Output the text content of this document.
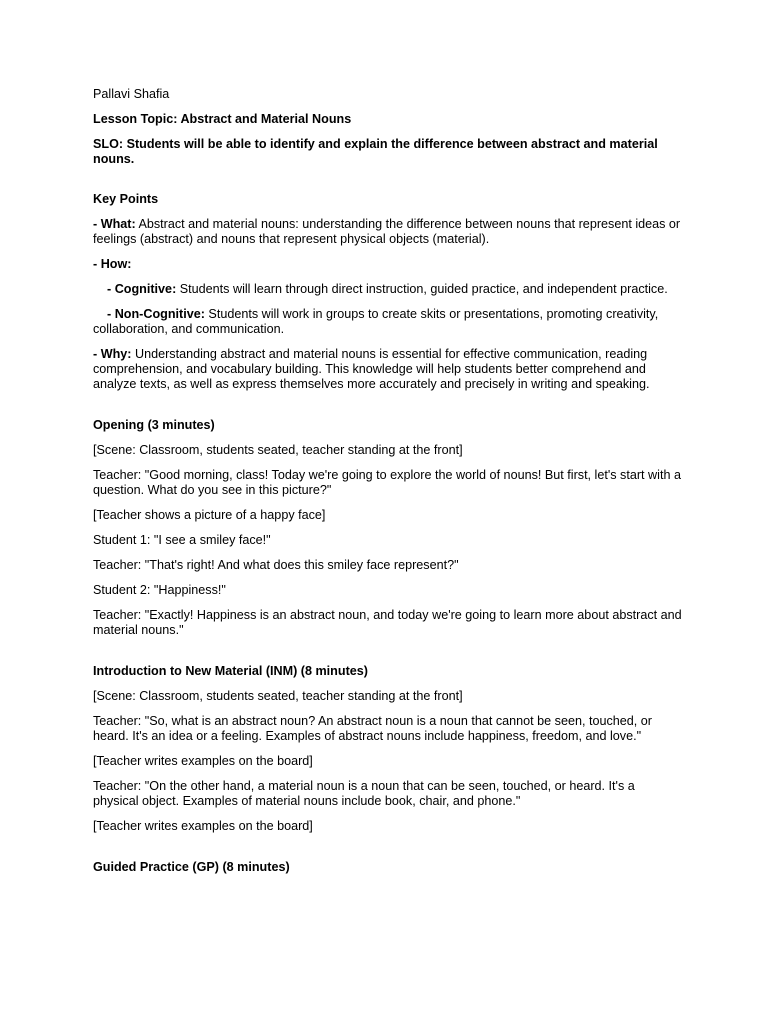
Pallavi Shafia
Lesson Topic: Abstract and Material Nouns
SLO: Students will be able to identify and explain the difference between abstract and material nouns.
Key Points
- What: Abstract and material nouns: understanding the difference between nouns that represent ideas or feelings (abstract) and nouns that represent physical objects (material).
- How:
- Cognitive: Students will learn through direct instruction, guided practice, and independent practice.
- Non-Cognitive: Students will work in groups to create skits or presentations, promoting creativity, collaboration, and communication.
- Why: Understanding abstract and material nouns is essential for effective communication, reading comprehension, and vocabulary building. This knowledge will help students better comprehend and analyze texts, as well as express themselves more accurately and precisely in writing and speaking.
Opening (3 minutes)
[Scene: Classroom, students seated, teacher standing at the front]
Teacher: "Good morning, class! Today we're going to explore the world of nouns! But first, let's start with a question. What do you see in this picture?"
[Teacher shows a picture of a happy face]
Student 1: "I see a smiley face!"
Teacher: "That's right! And what does this smiley face represent?"
Student 2: "Happiness!"
Teacher: "Exactly! Happiness is an abstract noun, and today we're going to learn more about abstract and material nouns."
Introduction to New Material (INM) (8 minutes)
[Scene: Classroom, students seated, teacher standing at the front]
Teacher: "So, what is an abstract noun? An abstract noun is a noun that cannot be seen, touched, or heard. It's an idea or a feeling. Examples of abstract nouns include happiness, freedom, and love."
[Teacher writes examples on the board]
Teacher: "On the other hand, a material noun is a noun that can be seen, touched, or heard. It's a physical object. Examples of material nouns include book, chair, and phone."
[Teacher writes examples on the board]
Guided Practice (GP) (8 minutes)
